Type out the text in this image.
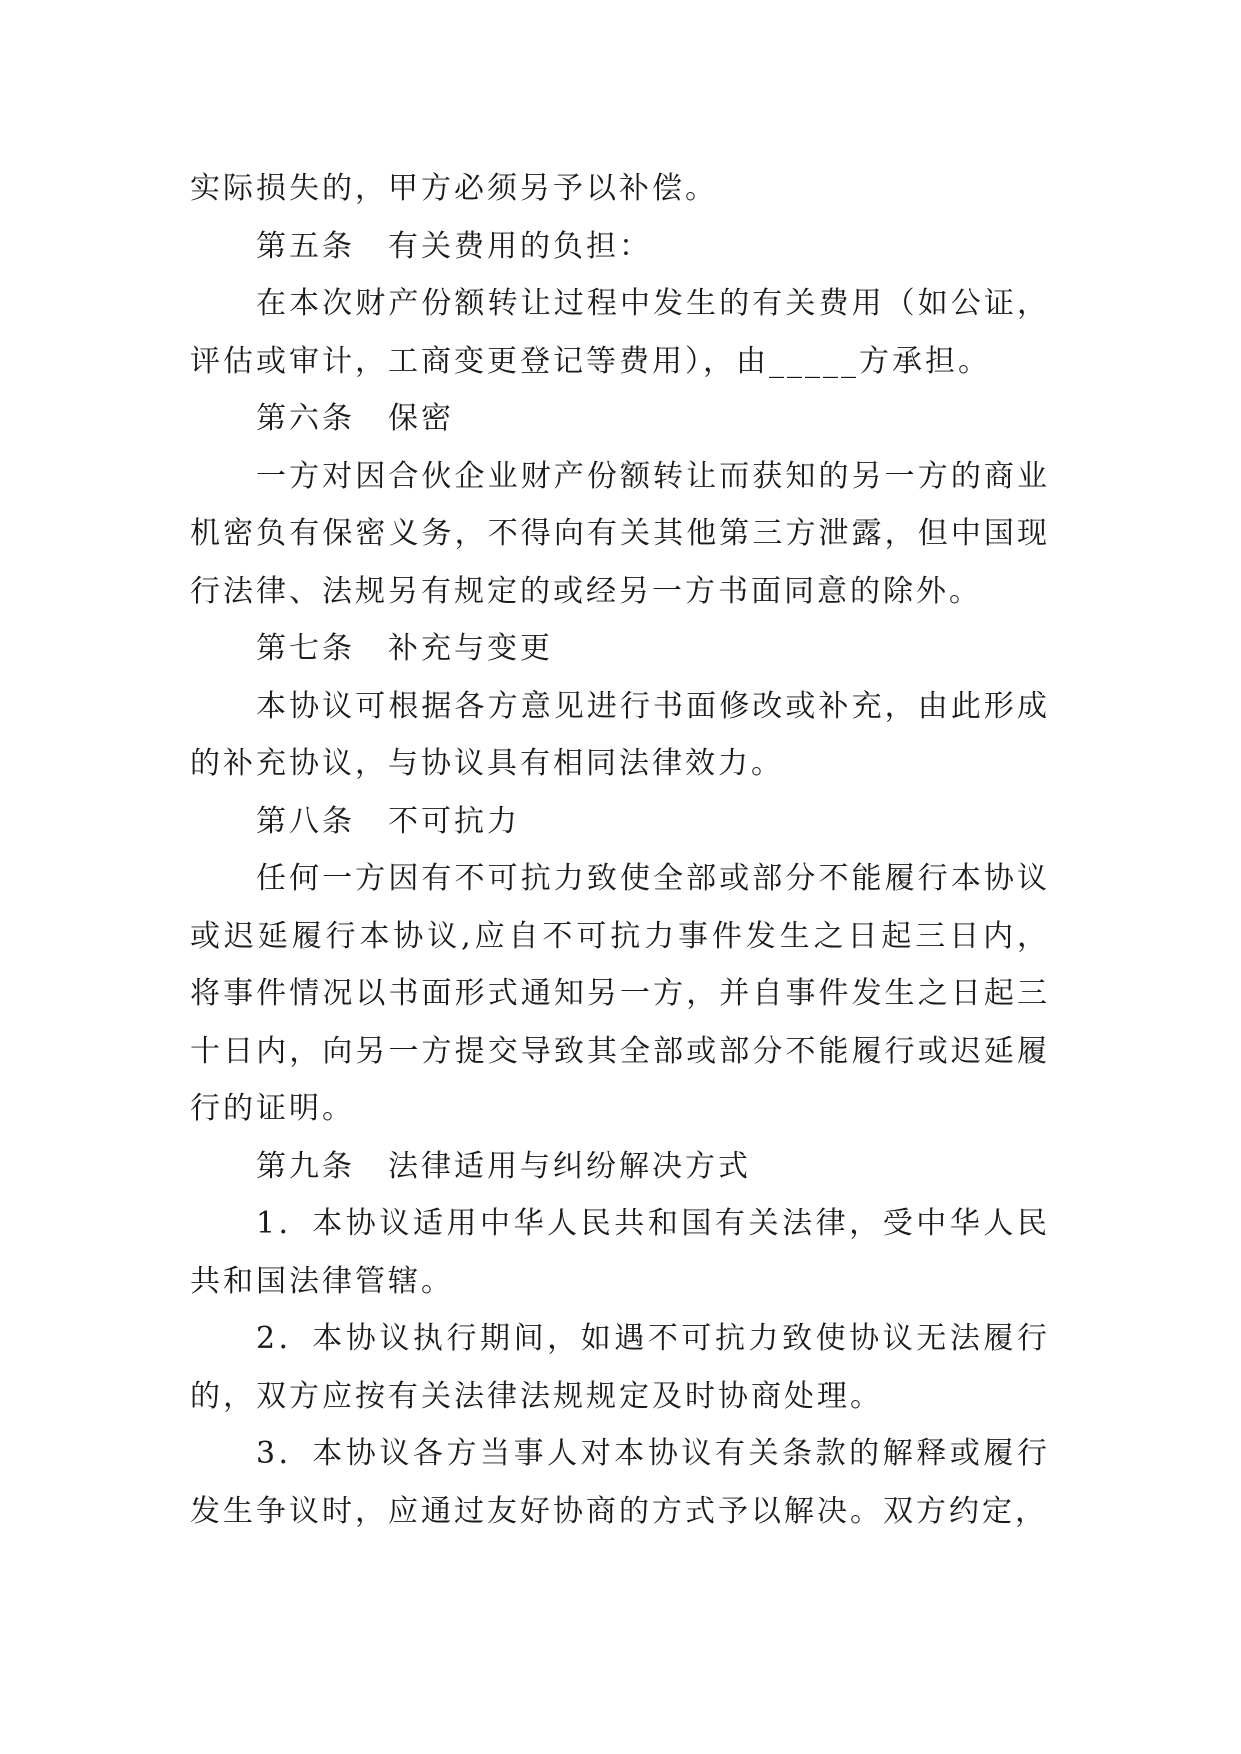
实际损失的，甲方必须另予以补偿。

第五条　有关费用的负担：

在本次财产份额转让过程中发生的有关费用（如公证，评估或审计，工商变更登记等费用），由_____方承担。

第六条　保密

一方对因合伙企业财产份额转让而获知的另一方的商业机密负有保密义务，不得向有关其他第三方泄露，但中国现行法律、法规另有规定的或经另一方书面同意的除外。

第七条　补充与变更

本协议可根据各方意见进行书面修改或补充，由此形成的补充协议，与协议具有相同法律效力。

第八条　不可抗力

任何一方因有不可抗力致使全部或部分不能履行本协议或迟延履行本协议,应自不可抗力事件发生之日起三日内，将事件情况以书面形式通知另一方，并自事件发生之日起三十日内，向另一方提交导致其全部或部分不能履行或迟延履行的证明。

第九条　法律适用与纠纷解决方式

1．本协议适用中华人民共和国有关法律，受中华人民共和国法律管辖。

2．本协议执行期间，如遇不可抗力致使协议无法履行的，双方应按有关法律法规规定及时协商处理。

3．本协议各方当事人对本协议有关条款的解释或履行发生争议时，应通过友好协商的方式予以解决。双方约定，
